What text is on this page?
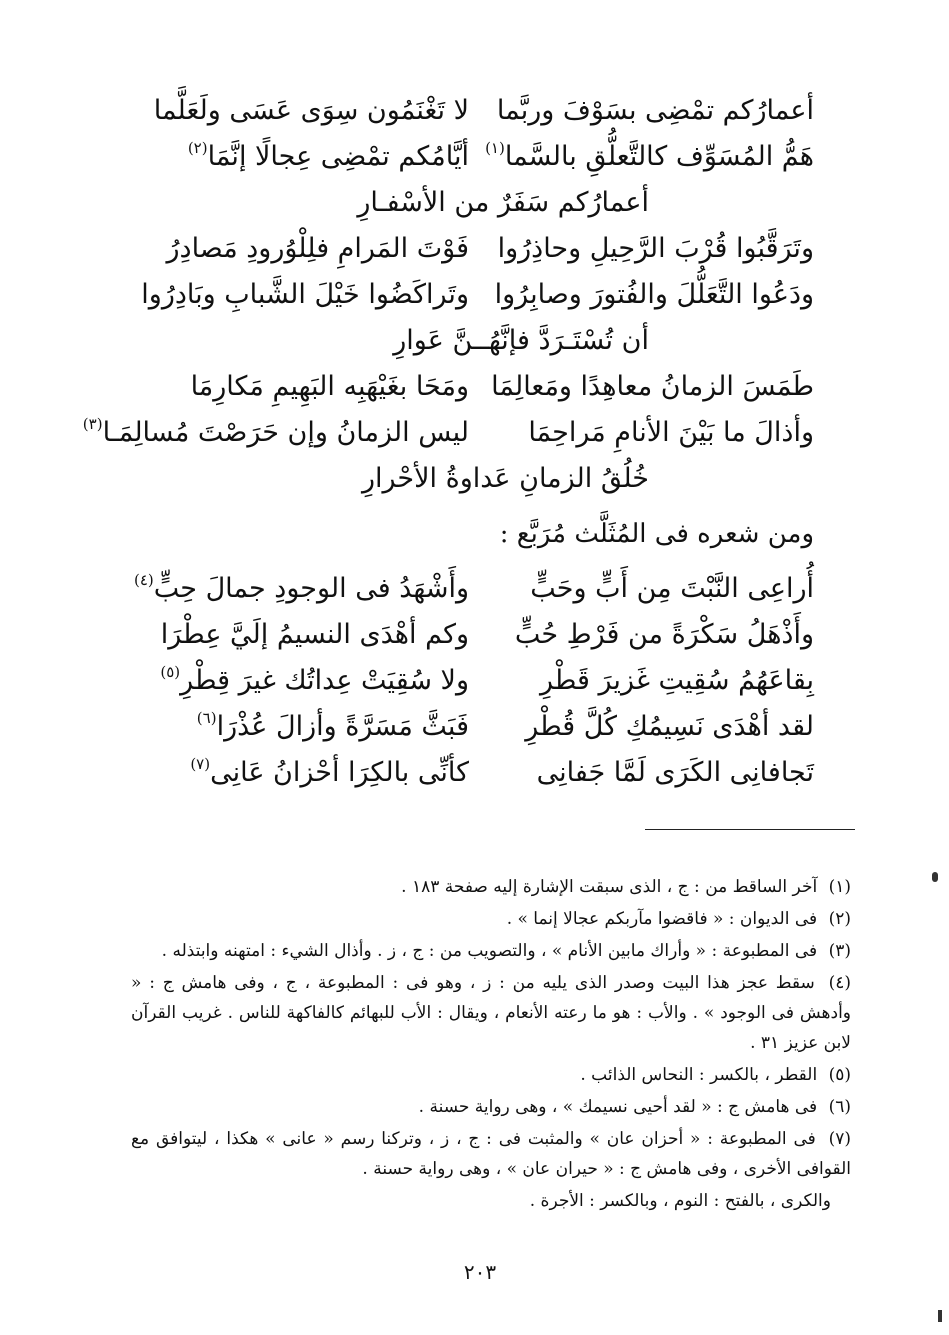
أعمارُكم تمْضِى بسَوْفَ وربَّما
لا تَغْنَمُون سِوَى عَسَى ولَعَلَّما
هَمُّ المُسَوِّف كالتَّعلُّقِ بالسَّما$^{(١)}$
أيَّامُكم تمْضِى عِجالًا إنَّمَا$^{(٢)}$
أعمارُكم سَفَرٌ من الأسْفـارِ
وتَرَقَّبُوا قُرْبَ الرَّحِيلِ وحاذِرُوا
فَوْتَ المَرامِ فلِلْوُرودِ مَصادِرُ
ودَعُوا التَّعَلُّلَ والفُتورَ وصابِرُوا
وتَراكَضُوا خَيْلَ الشَّبابِ وبَادِرُوا
أن تُسْتَـرَدَّ فإنَّهُــنَّ عَوارِ
طَمَسَ الزمانُ معاهِدًا ومَعالِمَا
ومَحَا بغَيْهَبِه البَهِيمِ مَكارِمَا
وأذالَ ما بَيْنَ الأنامِ مَراحِمَا
ليس الزمانُ وإن حَرَصْتَ مُسالِمَـا$^{(٣)}$
خُلُقُ الزمانِ عَداوةُ الأحْرارِ
ومن شعره فى المُثَلَّث مُرَبَّع :
أُراعِى النَّبْتَ مِن أَبٍّ وحَبٍّ
وأَشْهَدُ فى الوجودِ جمالَ حِبٍّ$^{(٤)}$
وأَذْهَلُ سَكْرَةً من فَرْطِ حُبٍّ
وكم أهْدَى النسيمُ إلَيَّ عِطْرَا
بِقاعَهُمُ سُقِيتِ غَزيرَ قَطْرِ
ولا سُقِيَتْ عِداتُك غيرَ قِطْرِ$^{(٥)}$
لقد أهْدَى نَسِيمُكِ كُلَّ قُطْرِ
فَبَثَّ مَسَرَّةً وأزالَ عُذْرَا$^{(٦)}$
تَجافانِى الكَرَى لَمَّا جَفانِى
كأنِّى بالكِرَا أحْزانُ عَانِى$^{(٧)}$
(١) آخر الساقط من : ج ، الذى سبقت الإشارة إليه صفحة ١٨٣ .
(٢) فى الديوان : « فاقضوا مآربكم عجالا إنما » .
(٣) فى المطبوعة : « وأراك مابين الأنام » ، والتصويب من : ج ، ز . وأذال الشيء : امتهنه وابتذله .
(٤) سقط عجز هذا البيت وصدر الذى يليه من : ز ، وهو فى : المطبوعة ، ج ، وفى هامش ج : « وأدهش فى الوجود » . والأب : هو ما رعته الأنعام ، ويقال : الأب للبهائم كالفاكهة للناس . غريب القرآن لابن عزيز ٣١ .
(٥) القطر ، بالكسر : النحاس الذائب .
(٦) فى هامش ج : « لقد أحيى نسيمك » ، وهى رواية حسنة .
(٧) فى المطبوعة : « أحزان عان » والمثبت فى : ج ، ز ، وتركنا رسم « عانى » هكذا ، ليتوافق مع القوافى الأخرى ، وفى هامش ج : « حيران عان » ، وهى رواية حسنة .
والكرى ، بالفتح : النوم ، وبالكسر : الأجرة .
٢٠٣
